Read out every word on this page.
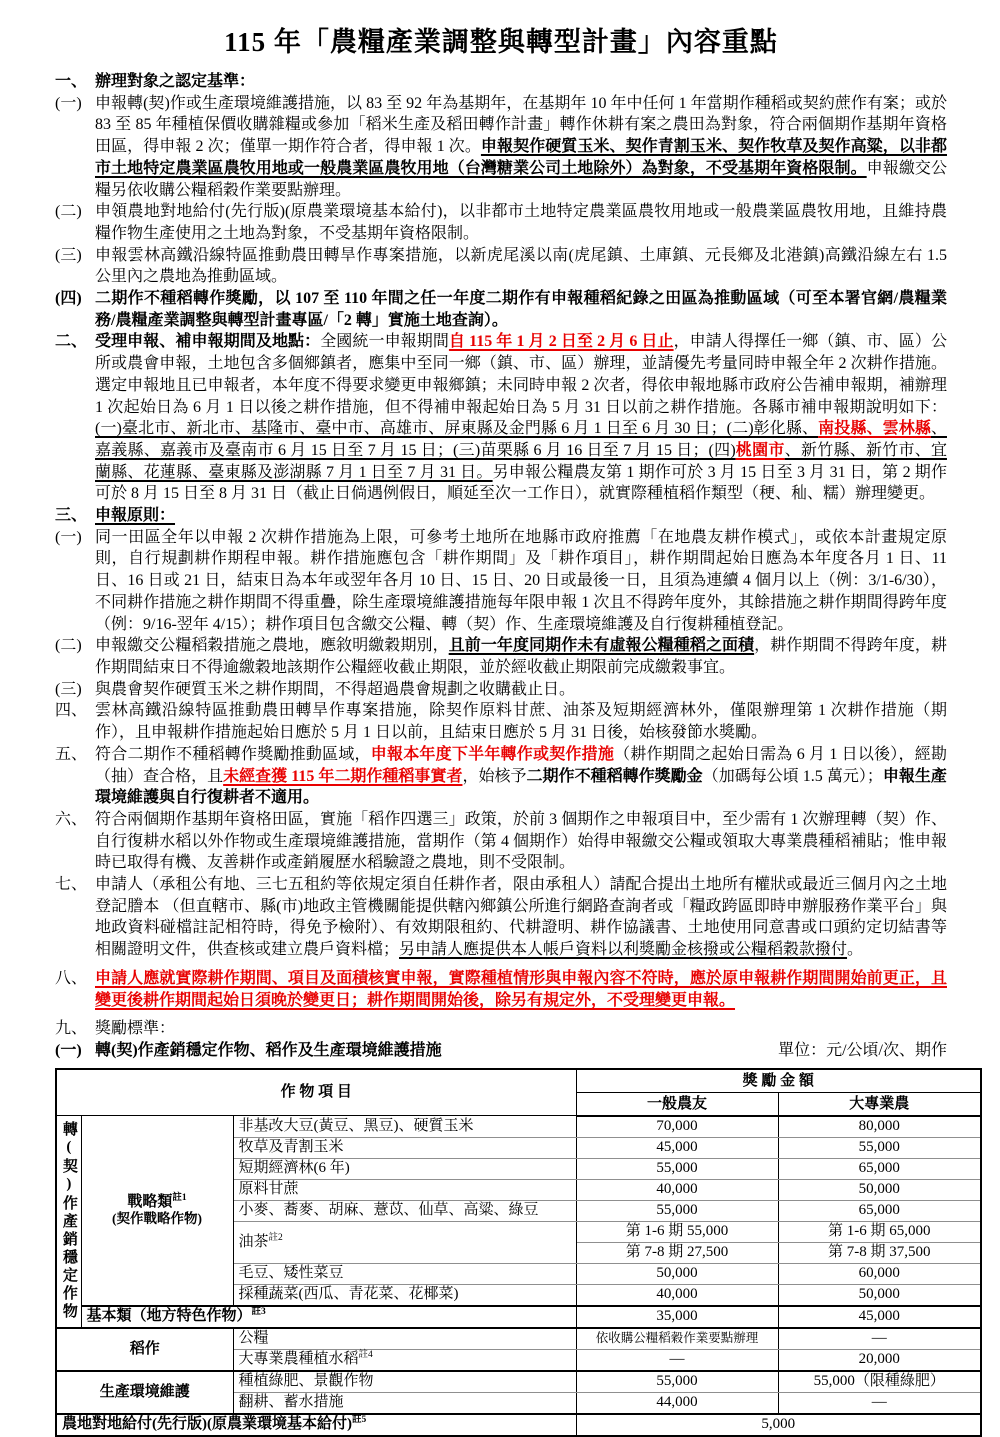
115 年「農糧產業調整與轉型計畫」內容重點
一、 辦理對象之認定基準：
(一) 申報轉(契)作或生產環境維護措施，以 83 至 92 年為基期年，在基期年 10 年中任何 1 年當期作種稻或契約蔗作有案；或於 83 至 85 年種植保價收購雜糧或參加「稻米生產及稻田轉作計畫」轉作休耕有案之農田為對象，符合兩個期作基期年資格田區，得申報 2 次；僅單一期作符合者，得申報 1 次。申報契作硬質玉米、契作青割玉米、契作牧草及契作高粱，以非都市土地特定農業區農牧用地或一般農業區農牧用地（台灣糖業公司土地除外）為對象，不受基期年資格限制。申報繳交公糧另依收購公糧稻穀作業要點辦理。
(二) 申領農地對地給付(先行版)(原農業環境基本給付)，以非都市土地特定農業區農牧用地或一般農業區農牧用地，且維持農糧作物生產使用之土地為對象，不受基期年資格限制。
(三) 申報雲林高鐵沿線特區推動農田轉旱作專案措施，以新虎尾溪以南(虎尾鎮、土庫鎮、元長鄉及北港鎮)高鐵沿線左右 1.5 公里內之農地為推動區域。
(四) 二期作不種稻轉作獎勵，以 107 至 110 年間之任一年度二期作有申報種稻紀錄之田區為推動區域（可至本署官網/農糧業務/農糧產業調整與轉型計畫專區/「2 轉」實施土地查詢）。
二、 受理申報、補申報期間及地點：全國統一申報期間自 115 年 1 月 2 日至 2 月 6 日止，申請人得擇任一鄉（鎮、市、區）公所或農會申報，土地包含多個鄉鎮者，應集中至同一鄉（鎮、市、區）辦理，並請優先考量同時申報全年 2 次耕作措施。選定申報地且已申報者，本年度不得要求變更申報鄉鎮；未同時申報 2 次者，得依申報地縣市政府公告補申報期，補辦理 1 次起始日為 6 月 1 日以後之耕作措施，但不得補申報起始日為 5 月 31 日以前之耕作措施。各縣市補申報期說明如下：(一)臺北市、新北市、基隆市、臺中市、高雄市、屏東縣及金門縣 6 月 1 日至 6 月 30 日；(二)彰化縣、南投縣、雲林縣、嘉義縣、嘉義市及臺南市 6 月 15 日至 7 月 15 日；(三)苗栗縣 6 月 16 日至 7 月 15 日；(四)桃園市、新竹縣、新竹市、宜蘭縣、花蓮縣、臺東縣及澎湖縣 7 月 1 日至 7 月 31 日。另申報公糧農友第 1 期作可於 3 月 15 日至 3 月 31 日，第 2 期作可於 8 月 15 日至 8 月 31 日（截止日倘遇例假日，順延至次一工作日），就實際種植稻作類型（稉、秈、糯）辦理變更。
三、 申報原則：
(一) 同一田區全年以申報 2 次耕作措施為上限，可參考土地所在地縣市政府推薦「在地農友耕作模式」，或依本計畫規定原則，自行規劃耕作期程申報。耕作措施應包含「耕作期間」及「耕作項目」，耕作期間起始日應為本年度各月 1 日、11 日、16 日或 21 日，結束日為本年或翌年各月 10 日、15 日、20 日或最後一日，且須為連續 4 個月以上（例：3/1-6/30），不同耕作措施之耕作期間不得重疊，除生產環境維護措施每年限申報 1 次且不得跨年度外，其餘措施之耕作期間得跨年度（例：9/16-翌年 4/15）；耕作項目包含繳交公糧、轉（契）作、生產環境維護及自行復耕種植登記。
(二) 申報繳交公糧稻穀措施之農地，應敘明繳穀期別，且前一年度同期作未有虛報公糧種稻之面積，耕作期間不得跨年度，耕作期間結束日不得逾繳穀地該期作公糧經收截止期限，並於經收截止期限前完成繳穀事宜。
(三) 與農會契作硬質玉米之耕作期間，不得超過農會規劃之收購截止日。
四、 雲林高鐵沿線特區推動農田轉旱作專案措施，除契作原料甘蔗、油茶及短期經濟林外，僅限辦理第 1 次耕作措施（期作），且申報耕作措施起始日應於 5 月 1 日以前，且結束日應於 5 月 31 日後，始核發節水獎勵。
五、 符合二期作不種稻轉作獎勵推動區域，申報本年度下半年轉作或契作措施（耕作期間之起始日需為 6 月 1 日以後），經勘（抽）查合格，且未經查獲 115 年二期作種稻事實者，始核予二期作不種稻轉作獎勵金（加碼每公頃 1.5 萬元）；申報生產環境維護與自行復耕者不適用。
六、 符合兩個期作基期年資格田區，實施「稻作四選三」政策，於前 3 個期作之申報項目中，至少需有 1 次辦理轉（契）作、自行復耕水稻以外作物或生產環境維護措施，當期作（第 4 個期作）始得申報繳交公糧或領取大專業農種稻補貼；惟申報時已取得有機、友善耕作或產銷履歷水稻驗證之農地，則不受限制。
七、 申請人（承租公有地、三七五租約等依規定須自任耕作者，限由承租人）請配合提出土地所有權狀或最近三個月內之土地登記謄本 （但直轄市、縣(市)地政主管機關能提供轄內鄉鎮公所進行網路查詢者或「糧政跨區即時申辦服務作業平台」與地政資料碰檔註記相符時，得免予檢附）、有效期限租約、代耕證明、耕作協議書、土地使用同意書或口頭約定切結書等相關證明文件，供查核或建立農戶資料檔；另申請人應提供本人帳戶資料以利獎勵金核撥或公糧稻穀款撥付。
八、 申請人應就實際耕作期間、項目及面積核實申報，實際種植情形與申報內容不符時，應於原申報耕作期間開始前更正，且變更後耕作期間起始日須晚於變更日；耕作期間開始後，除另有規定外，不受理變更申報。
九、 獎勵標準：
單位：元/公頃/次、期作
(一) 轉(契)作產銷穩定作物、稻作及生產環境維護措施
作 物 項 目			獎 勵 金 額	
			一般農友	大專業農
轉(契)作產銷穩定作物	戰略類$^{註1}$
(契作戰略作物)	非基改大豆(黃豆、黑豆)、硬質玉米	70,000	80,000
		牧草及青割玉米	45,000	55,000
		短期經濟林(6 年)	55,000	65,000
		原料甘蔗	40,000	50,000
		小麥、蕎麥、胡麻、薏苡、仙草、高粱、綠豆	55,000	65,000
		油茶$^{註2}$	第 1-6 期 55,000	第 1-6 期 65,000
			第 7-8 期 27,500	第 7-8 期 37,500
		毛豆、矮性菜豆	50,000	60,000
		採種蔬菜(西瓜、青花菜、花椰菜)	40,000	50,000
	基本類（地方特色作物）$^{註3}$		35,000	45,000
稻作		公糧	依收購公糧稻穀作業要點辦理	—
		大專業農種植水稻$^{註4}$	—	20,000
生產環境維護		種植綠肥、景觀作物	55,000	55,000（限種綠肥）
		翻耕、蓄水措施	44,000	—
農地對地給付(先行版)(原農業環境基本給付)$^{註5}$			5,000	
